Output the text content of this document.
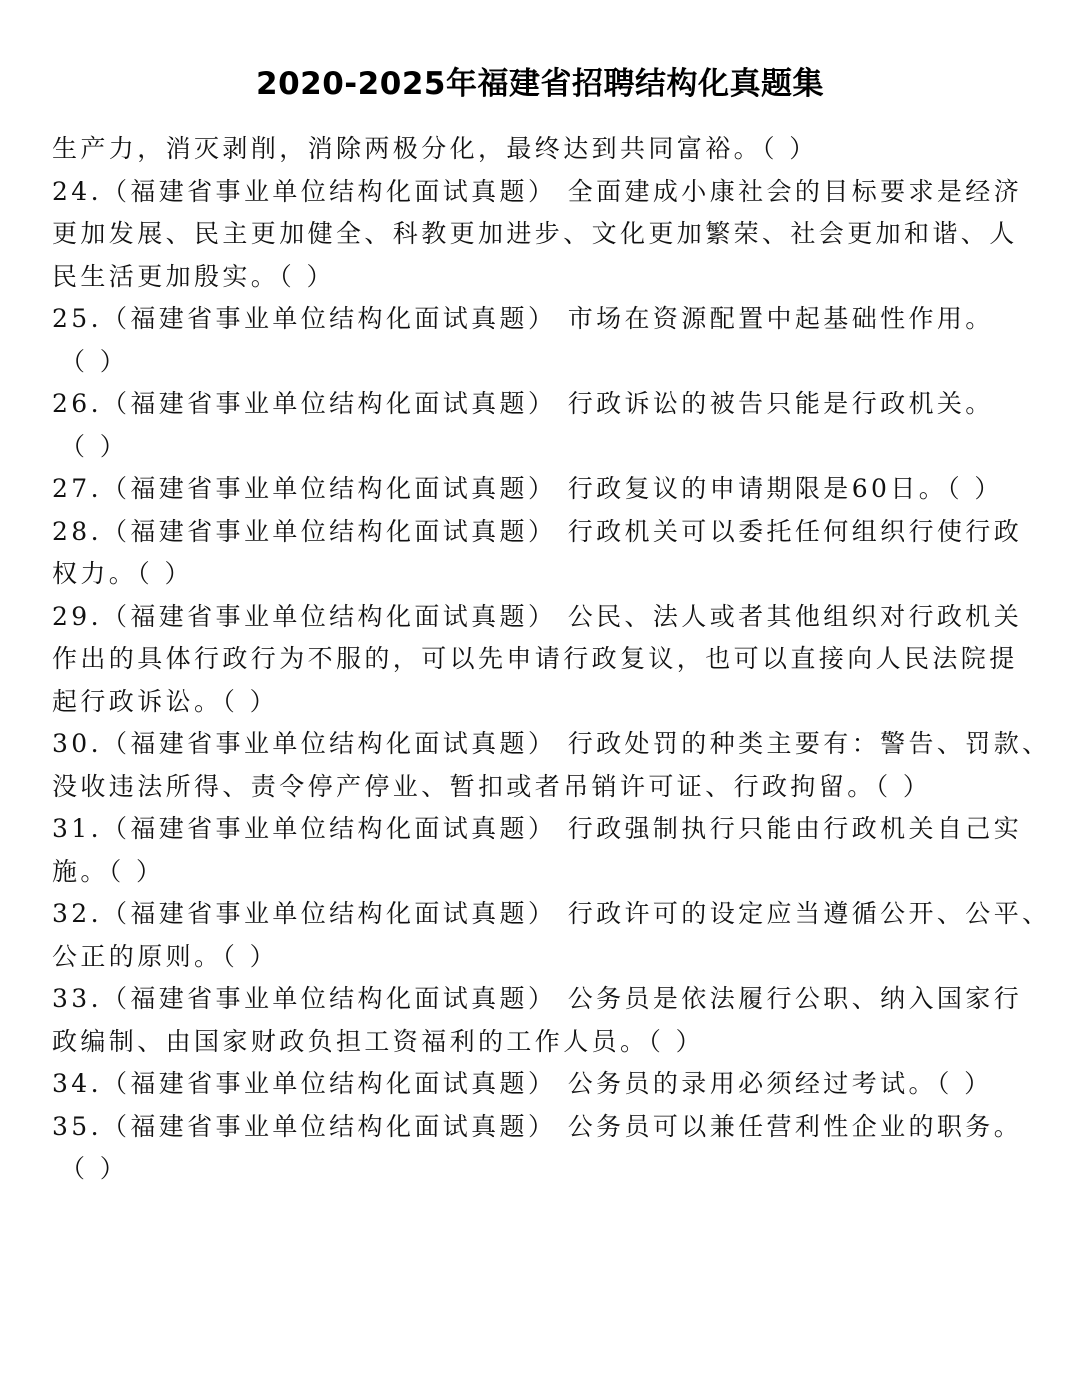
2020-2025年福建省招聘结构化真题集
生产力，消灭剥削，消除两极分化，最终达到共同富裕。（ ）
24.（福建省事业单位结构化面试真题） 全面建成小康社会的目标要求是经济
更加发展、民主更加健全、科教更加进步、文化更加繁荣、社会更加和谐、人
民生活更加殷实。（ ）
25.（福建省事业单位结构化面试真题） 市场在资源配置中起基础性作用。
（ ）
26.（福建省事业单位结构化面试真题） 行政诉讼的被告只能是行政机关。
（ ）
27.（福建省事业单位结构化面试真题） 行政复议的申请期限是60日。（ ）
28.（福建省事业单位结构化面试真题） 行政机关可以委托任何组织行使行政
权力。（ ）
29.（福建省事业单位结构化面试真题） 公民、法人或者其他组织对行政机关
作出的具体行政行为不服的，可以先申请行政复议，也可以直接向人民法院提
起行政诉讼。（ ）
30.（福建省事业单位结构化面试真题） 行政处罚的种类主要有：警告、罚款、
没收违法所得、责令停产停业、暂扣或者吊销许可证、行政拘留。（ ）
31.（福建省事业单位结构化面试真题） 行政强制执行只能由行政机关自己实
施。（ ）
32.（福建省事业单位结构化面试真题） 行政许可的设定应当遵循公开、公平、
公正的原则。（ ）
33.（福建省事业单位结构化面试真题） 公务员是依法履行公职、纳入国家行
政编制、由国家财政负担工资福利的工作人员。（ ）
34.（福建省事业单位结构化面试真题） 公务员的录用必须经过考试。（ ）
35.（福建省事业单位结构化面试真题） 公务员可以兼任营利性企业的职务。
（ ）
